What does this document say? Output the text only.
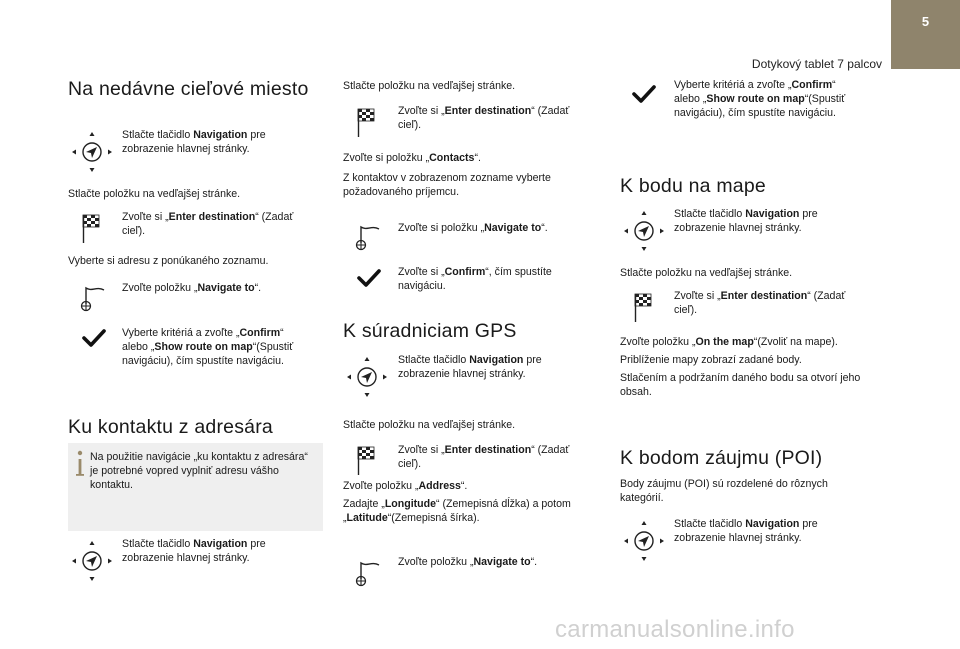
5
Dotykový tablet 7 palcov
Na nedávne cieľové miesto

Stlačte tlačidlo Navigation pre
zobrazenie hlavnej stránky.

Stlačte položku na vedľajšej stránke.

Zvoľte si „Enter destination“ (Zadať
cieľ).

Vyberte si adresu z ponúkaného zoznamu.

Zvoľte položku „Navigate to“.

Vyberte kritériá a zvoľte „Confirm“
alebo „Show route on map“(Spustiť
navigáciu), čím spustíte navigáciu.

Ku kontaktu z adresára

Na použitie navigácie „ku kontaktu z adresára“
je potrebné vopred vyplniť adresu vášho
kontaktu.

Stlačte tlačidlo Navigation pre
zobrazenie hlavnej stránky.

Stlačte položku na vedľajšej stránke.

Zvoľte si „Enter destination“ (Zadať
cieľ).

Zvoľte si položku „Contacts“.

Z kontaktov v zobrazenom zozname vyberte
požadovaného príjemcu.

Zvoľte si položku „Navigate to“.

Zvoľte si „Confirm“, čím spustíte
navigáciu.

K súradniciam GPS

Stlačte tlačidlo Navigation pre
zobrazenie hlavnej stránky.

Stlačte položku na vedľajšej stránke.

Zvoľte si „Enter destination“ (Zadať
cieľ).

Zvoľte položku „Address“.

Zadajte „Longitude“ (Zemepisná dĺžka) a potom
„Latitude“(Zemepisná šírka).

Zvoľte položku „Navigate to“.

Vyberte kritériá a zvoľte „Confirm“
alebo „Show route on map“(Spustiť
navigáciu), čím spustíte navigáciu.

K bodu na mape

Stlačte tlačidlo Navigation pre
zobrazenie hlavnej stránky.

Stlačte položku na vedľajšej stránke.

Zvoľte si „Enter destination“ (Zadať
cieľ).

Zvoľte položku „On the map“(Zvoliť na mape).

Priblíženie mapy zobrazí zadané body.

Stlačením a podržaním daného bodu sa otvorí jeho
obsah.

K bodom záujmu (POI)

Body záujmu (POI) sú rozdelené do rôznych
kategórií.

Stlačte tlačidlo Navigation pre
zobrazenie hlavnej stránky.

carmanualsonline.info
